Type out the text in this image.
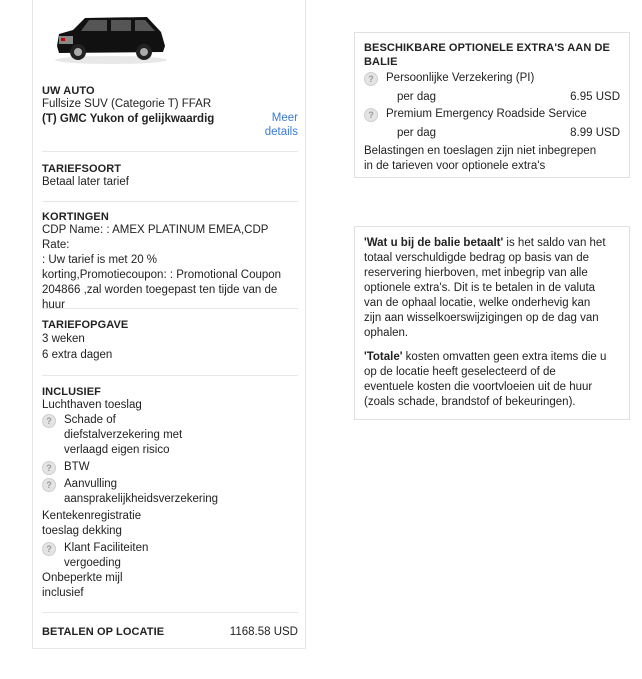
UW AUTO

Fullsize SUV (Categorie T) FFAR

(T) GMC Yukon of gelijkwaardig	Meer
details

TARIEFSOORT

Betaal later tarief

KORTINGEN

CDP Name: : AMEX PLATINUM EMEA,CDP Rate:

: Uw tarief is met 20 %

korting,Promotiecoupon: : Promotional Coupon

204866 ,zal worden toegepast ten tijde van de

huur

TARIEFOPGAVE

3 weken

6 extra dagen

INCLUSIEF

Luchthaven toeslag

?	Schade of

diefstalverzekering met

verlaagd eigen risico

?	BTW

?	Aanvulling

aansprakelijkheidsverzekering

Kentekenregistratie

toeslag dekking

?	Klant Faciliteiten

vergoeding

Onbeperkte mijl

inclusief

BETALEN OP LOCATIE	1168.58 USD

BESCHIKBARE OPTIONELE EXTRA'S AAN DE

BALIE

?	Persoonlijke Verzekering (PI)

per dag	6.95 USD
?	Premium Emergency Roadside Service

per dag	8.99 USD

Belastingen en toeslagen zijn niet inbegrepen

in de tarieven voor optionele extra's

'Wat u bij de balie betaalt' is het saldo van het

totaal verschuldigde bedrag op basis van de

reservering hierboven, met inbegrip van alle

optionele extra's. Dit is te betalen in de valuta

van de ophaal locatie, welke onderhevig kan

zijn aan wisselkoerswijzigingen op de dag van

ophalen.

'Totale' kosten omvatten geen extra items die u

op de locatie heeft geselecteerd of de

eventuele kosten die voortvloeien uit de huur

(zoals schade, brandstof of bekeuringen).
